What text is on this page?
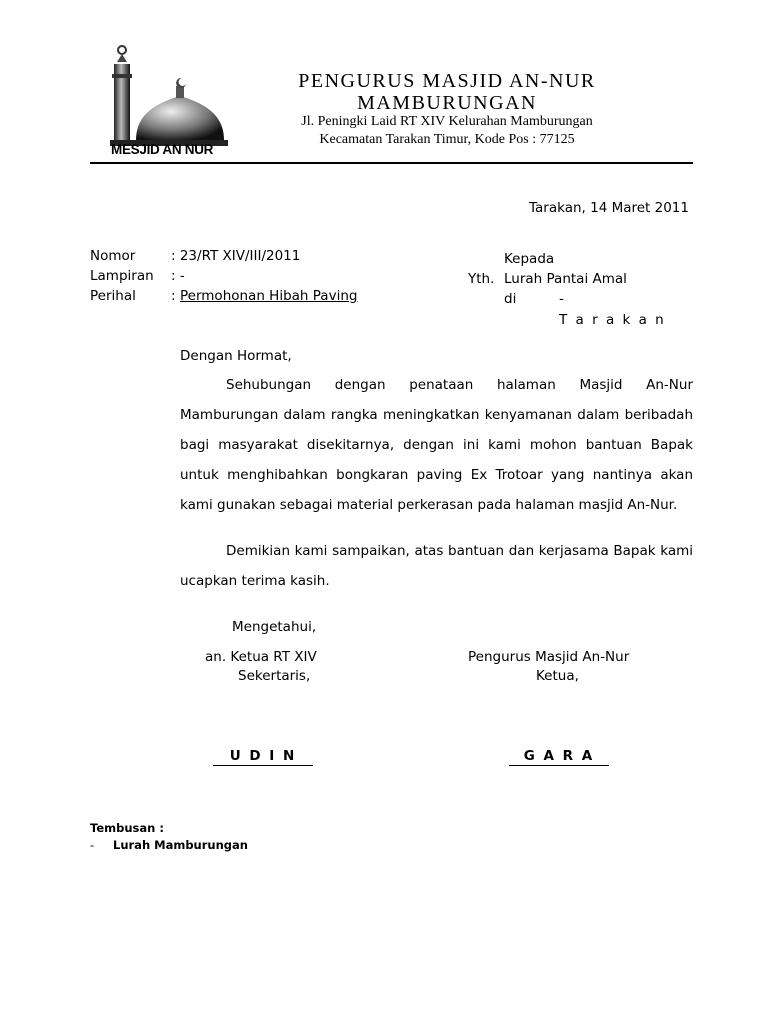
MESJID AN NUR
PENGURUS MASJID AN-NUR
MAMBURUNGAN
Jl. Peningki Laid RT XIV Kelurahan Mamburungan
Kecamatan Tarakan Timur, Kode Pos : 77125
Tarakan, 14 Maret 2011
Nomor	: 23/RT XIV/III/2011
Lampiran : -
Perihal	: Permohonan Hibah Paving
Kepada
Yth. Lurah Pantai Amal
di	-
T a r a k a n
Dengan Hormat,
Sehubungan dengan penataan halaman Masjid An-Nur
Mamburungan dalam rangka meningkatkan kenyamanan dalam beribadah bagi masyarakat disekitarnya, dengan ini kami mohon bantuan Bapak untuk menghibahkan bongkaran paving Ex Trotoar yang nantinya akan kami gunakan sebagai material perkerasan pada halaman masjid An-Nur.
Demikian kami sampaikan, atas bantuan dan kerjasama Bapak kami
ucapkan terima kasih.
Mengetahui,
an. Ketua RT XIV
Sekertaris,
U D I N
Pengurus Masjid An-Nur
Ketua,
G A R A
Tembusan :
- Lurah Mamburungan
